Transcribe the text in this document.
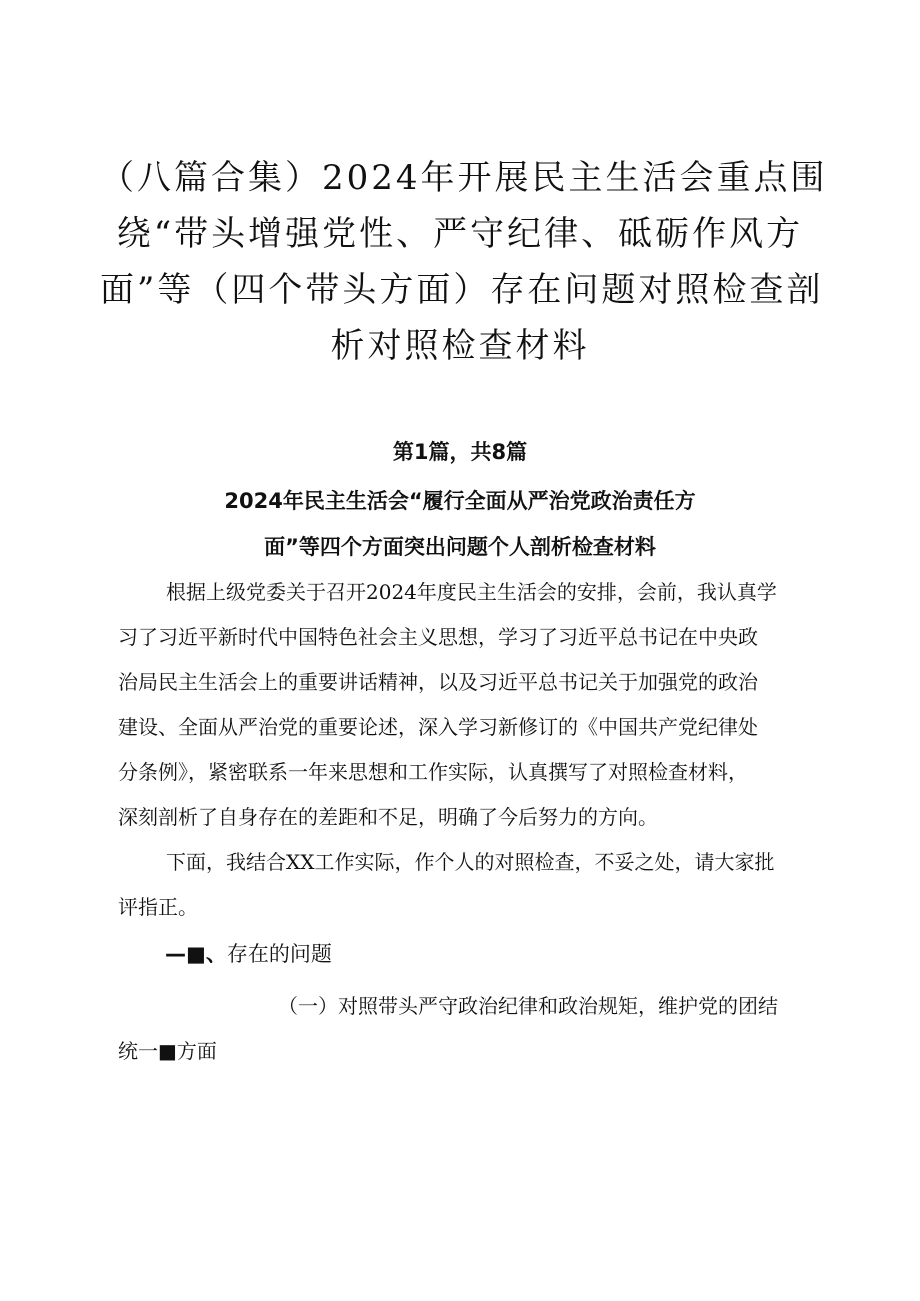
（八篇合集）2024年开展民主生活会重点围
绕“带头增强党性、严守纪律、砥砺作风方
面”等（四个带头方面）存在问题对照检查剖
析对照检查材料
第1篇，共8篇
2024年民主生活会“履行全面从严治党政治责任方
面”等四个方面突出问题个人剖析检查材料

根据上级党委关于召开2024年度民主生活会的安排，会前，我认真学
习了习近平新时代中国特色社会主义思想，学习了习近平总书记在中央政
治局民主生活会上的重要讲话精神，以及习近平总书记关于加强党的政治
建设、全面从严治党的重要论述，深入学习新修订的《中国共产党纪律处
分条例》，紧密联系一年来思想和工作实际，认真撰写了对照检查材料，
深刻剖析了自身存在的差距和不足，明确了今后努力的方向。

下面，我结合XX工作实际，作个人的对照检查，不妥之处，请大家批
评指正。

—■、存在的问题

（一）对照带头严守政治纪律和政治规矩，维护党的团结
统一■方面
